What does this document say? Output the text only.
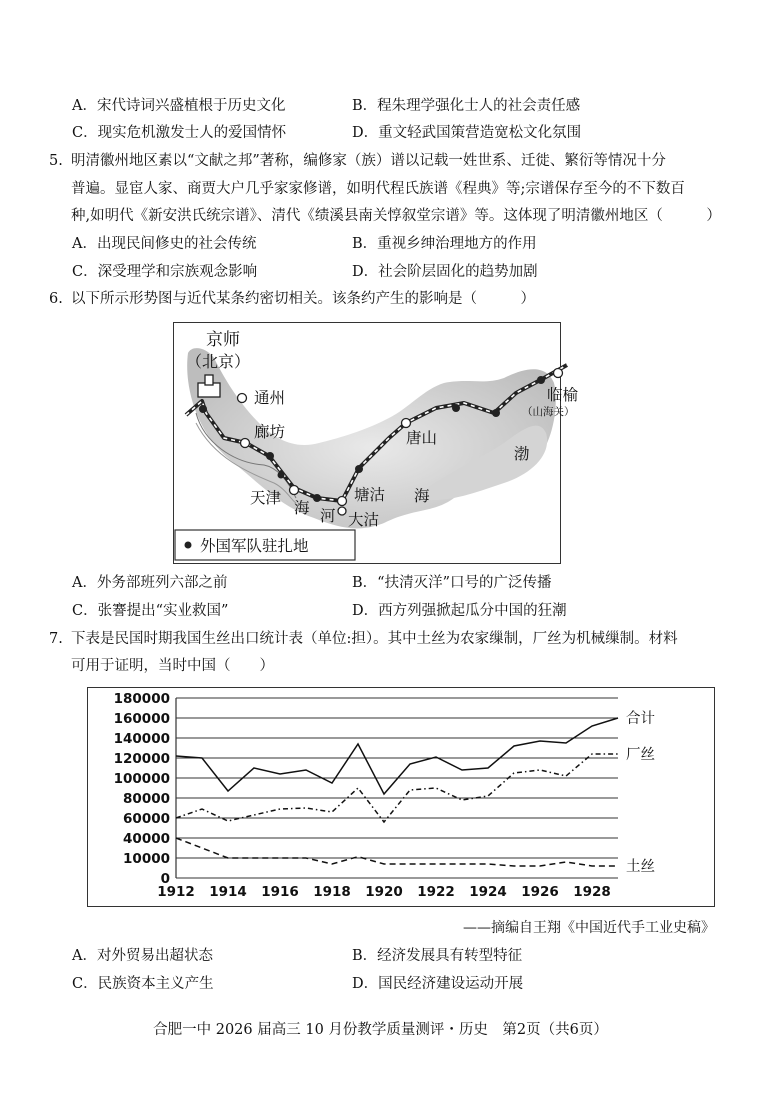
A．宋代诗词兴盛植根于历史文化	B．程朱理学强化士人的社会责任感
C．现实危机激发士人的爱国情怀	D．重文轻武国策营造宽松文化氛围
5. 明清徽州地区素以“文献之邦”著称，编修家（族）谱以记载一姓世系、迁徙、繁衍等情况十分
普遍。显宦人家、商贾大户几乎家家修谱，如明代程氏族谱《程典》等;宗谱保存至今的不下数百
种,如明代《新安洪氏统宗谱》、清代《绩溪县南关惇叙堂宗谱》等。这体现了明清徽州地区（　　　）
A．出现民间修史的社会传统	B．重视乡绅治理地方的作用
C．深受理学和宗族观念影响	D．社会阶层固化的趋势加剧
6. 以下所示形势图与近代某条约密切相关。该条约产生的影响是（　　　）
京师
（北京）
通州
廊坊
天津
海 河
塘沽
大沽
海
渤
唐山
临榆
（山海关）
外国军队驻扎地
A．外务部班列六部之前	B．“扶清灭洋”口号的广泛传播
C．张謇提出“实业救国”	D．西方列强掀起瓜分中国的狂潮
7. 下表是民国时期我国生丝出口统计表（单位:担）。其中土丝为农家缫制，厂丝为机械缫制。材料
可用于证明，当时中国（　　）
180000
160000
140000
120000
100000
80000
60000
40000
10000
0
1912 1914 1916 1918 1920 1922 1924 1926 1928
合计
厂丝
土丝
——摘编自王翔《中国近代手工业史稿》
A．对外贸易出超状态	B．经济发展具有转型特征
C．民族资本主义产生	D．国民经济建设运动开展
合肥一中 2026 届高三 10 月份教学质量测评・历史　第2页（共6页）
